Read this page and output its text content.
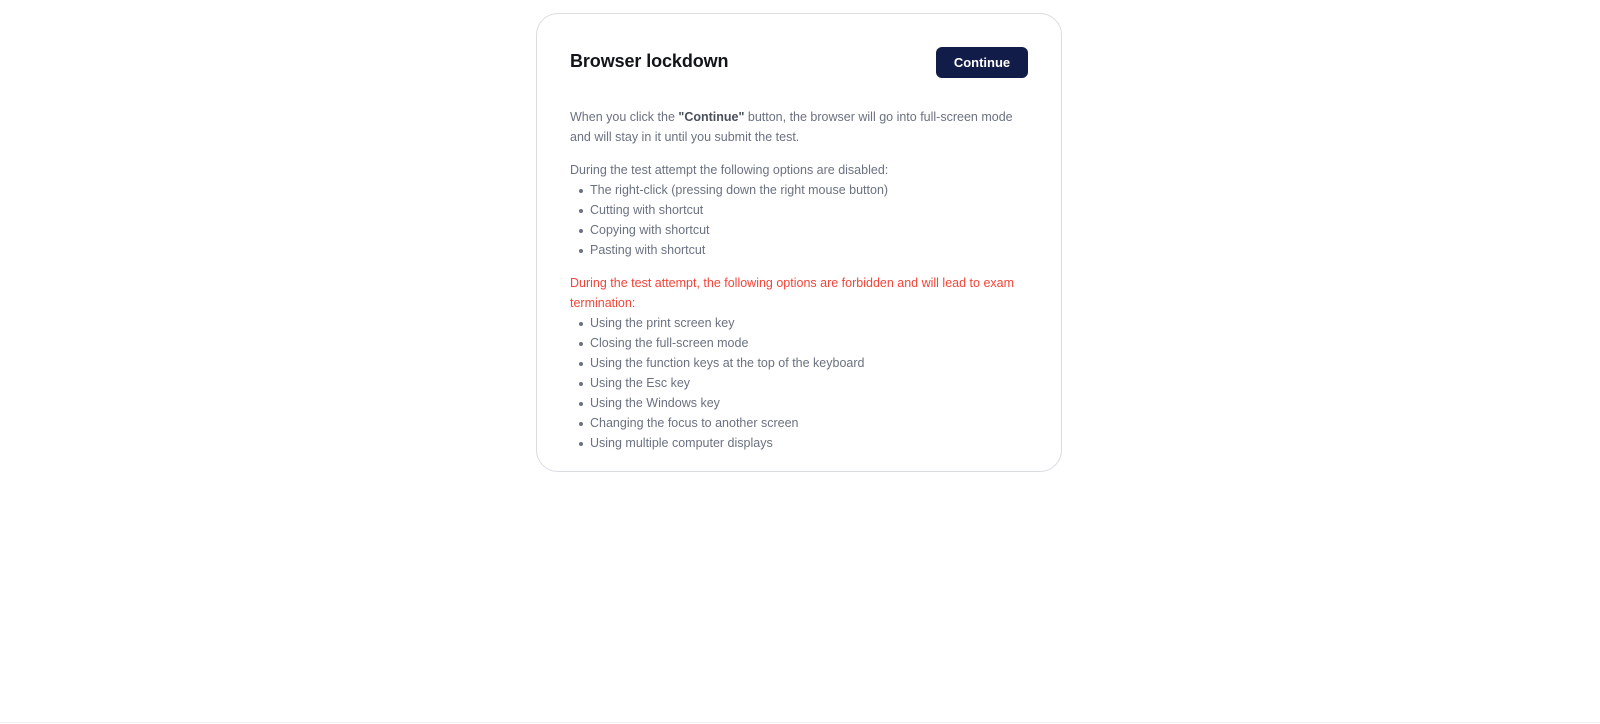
Browser lockdown	Continue

When you click the "Continue" button, the browser will go into full-screen mode and will stay in it until you submit the test.

During the test attempt the following options are disabled:

The right-click (pressing down the right mouse button)
Cutting with shortcut
Copying with shortcut
Pasting with shortcut

During the test attempt, the following options are forbidden and will lead to exam termination:

Using the print screen key
Closing the full-screen mode
Using the function keys at the top of the keyboard
Using the Esc key
Using the Windows key
Changing the focus to another screen
Using multiple computer displays
